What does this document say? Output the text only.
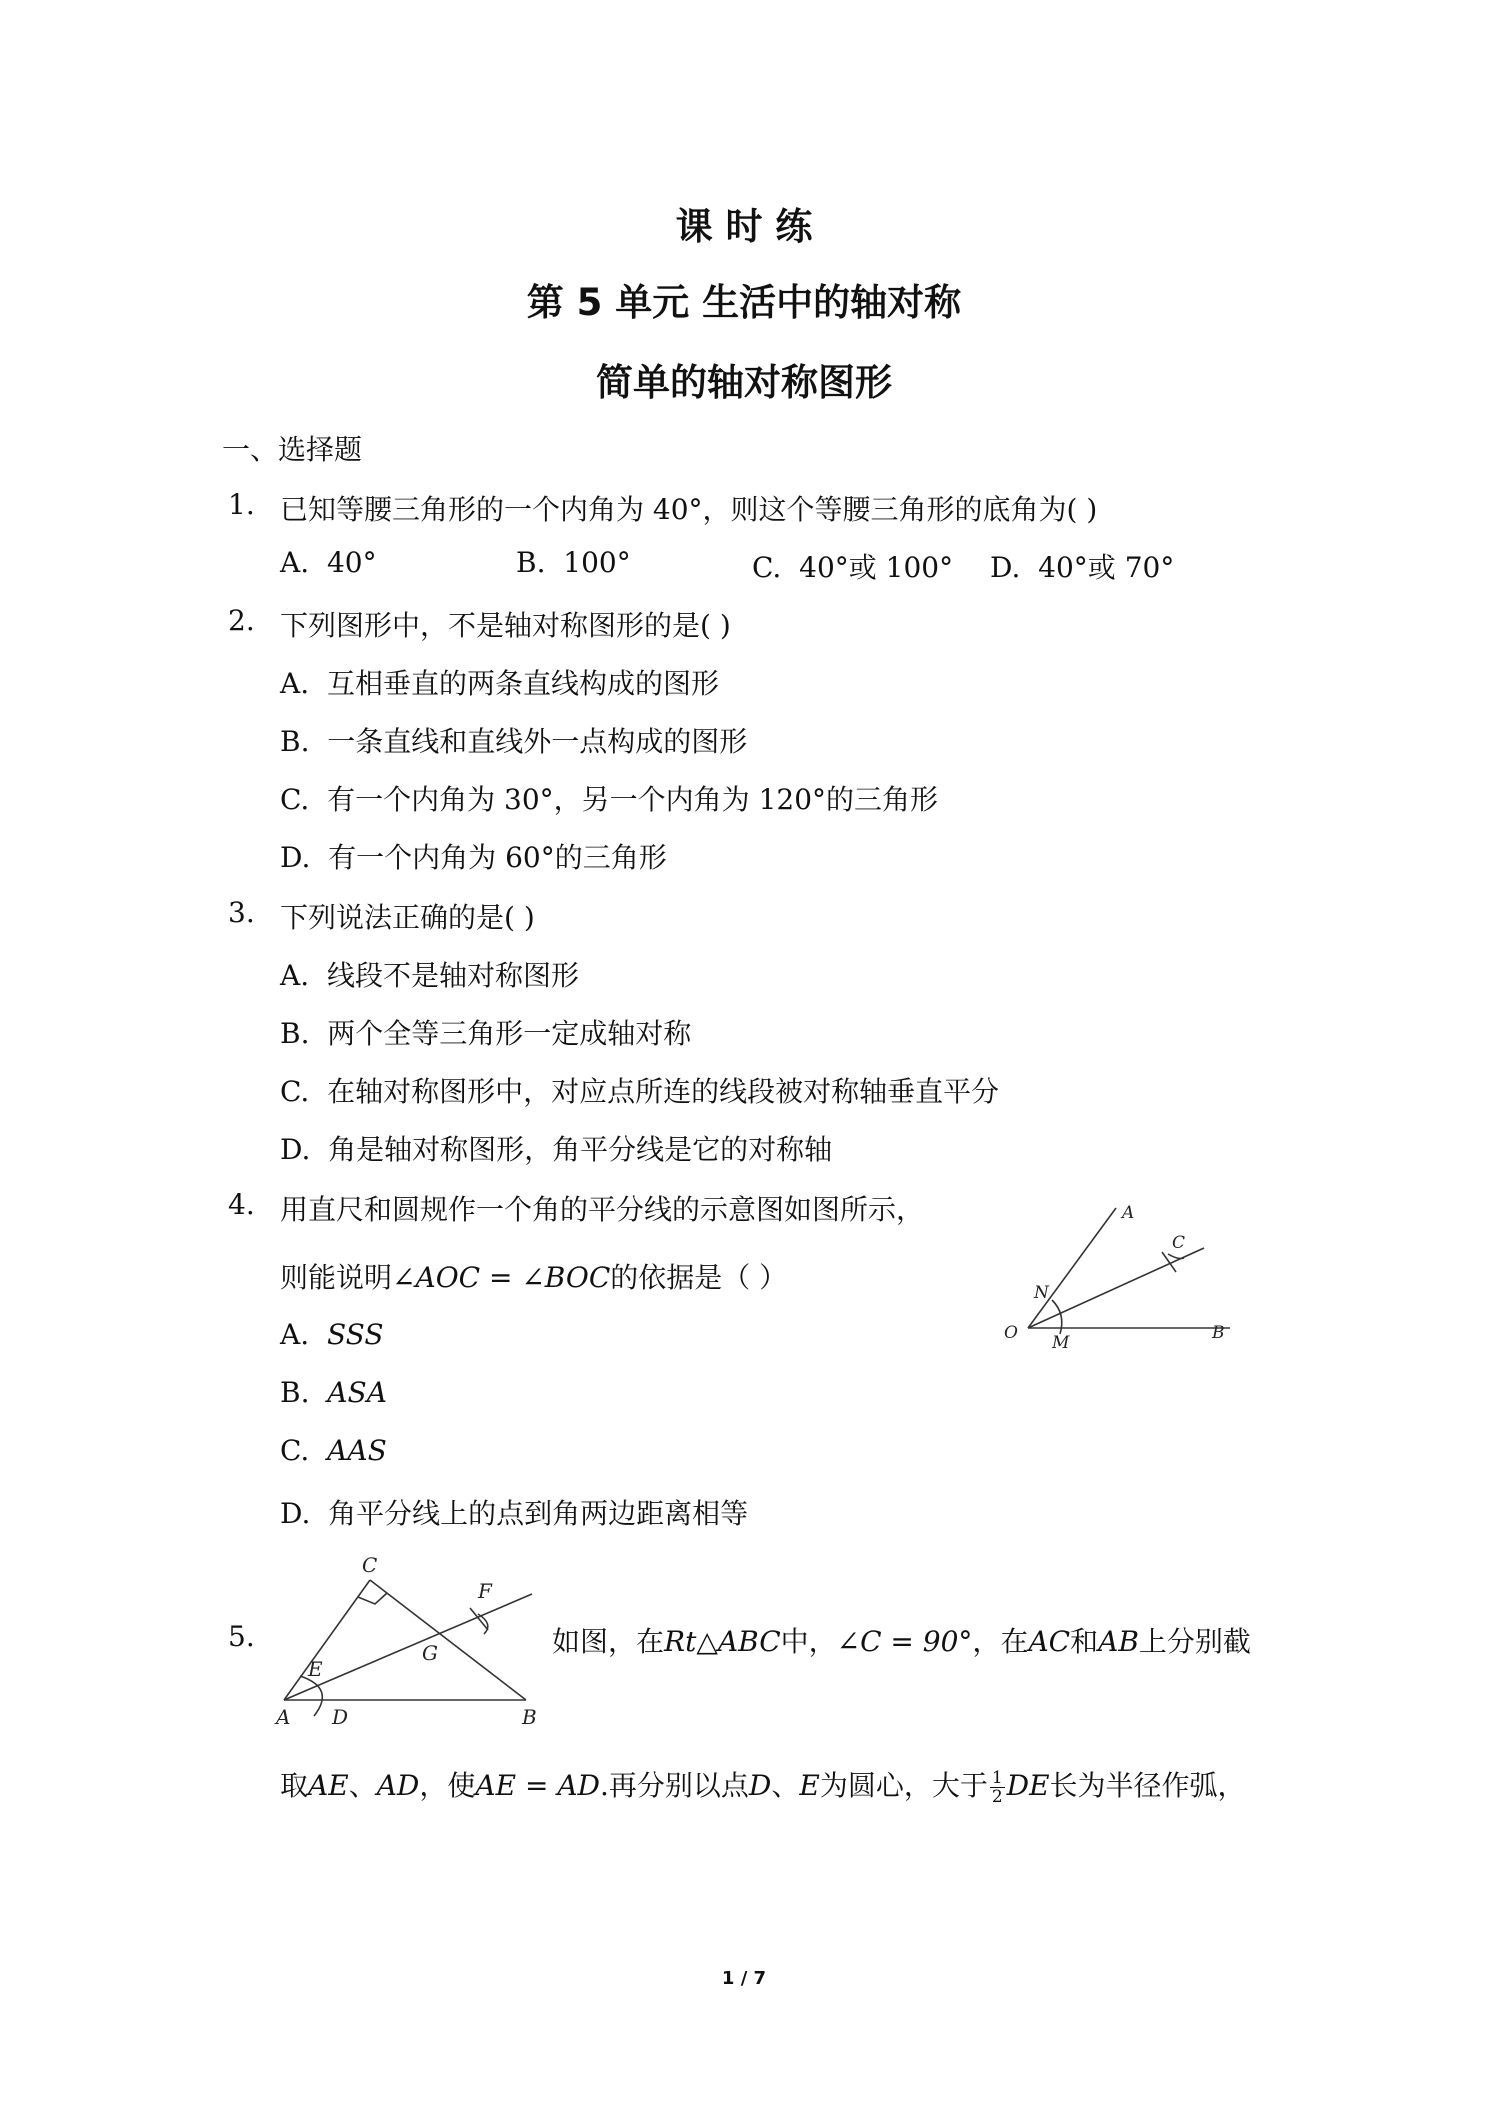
课 时 练
第 5 单元 生活中的轴对称
简单的轴对称图形
一、选择题
1. 已知等腰三角形的一个内角为 40°，则这个等腰三角形的底角为( )
A. 40°	B. 100°	C. 40°或 100° D. 40°或 70°
2. 下列图形中，不是轴对称图形的是( )
A. 互相垂直的两条直线构成的图形
B. 一条直线和直线外一点构成的图形
C. 有一个内角为 30°，另一个内角为 120°的三角形
D. 有一个内角为 60°的三角形
3. 下列说法正确的是( )
A. 线段不是轴对称图形
B. 两个全等三角形一定成轴对称
C. 在轴对称图形中，对应点所连的线段被对称轴垂直平分
D. 角是轴对称图形，角平分线是它的对称轴
4. 用直尺和圆规作一个角的平分线的示意图如图所示，
则能说明∠AOC = ∠BOC的依据是（ ）
A. SSS
B. ASA
C. AAS
D. 角平分线上的点到角两边距离相等
A
C
N
O M	B
5.
C
E
G
F
A D	B
如图，在Rt△ABC中，∠C = 90°，在AC和AB上分别截
取AE、AD，使AE = AD.再分别以点D、E为圆心，大于 $\frac{1}{2}$ DE长为半径作弧，
1 / 7
